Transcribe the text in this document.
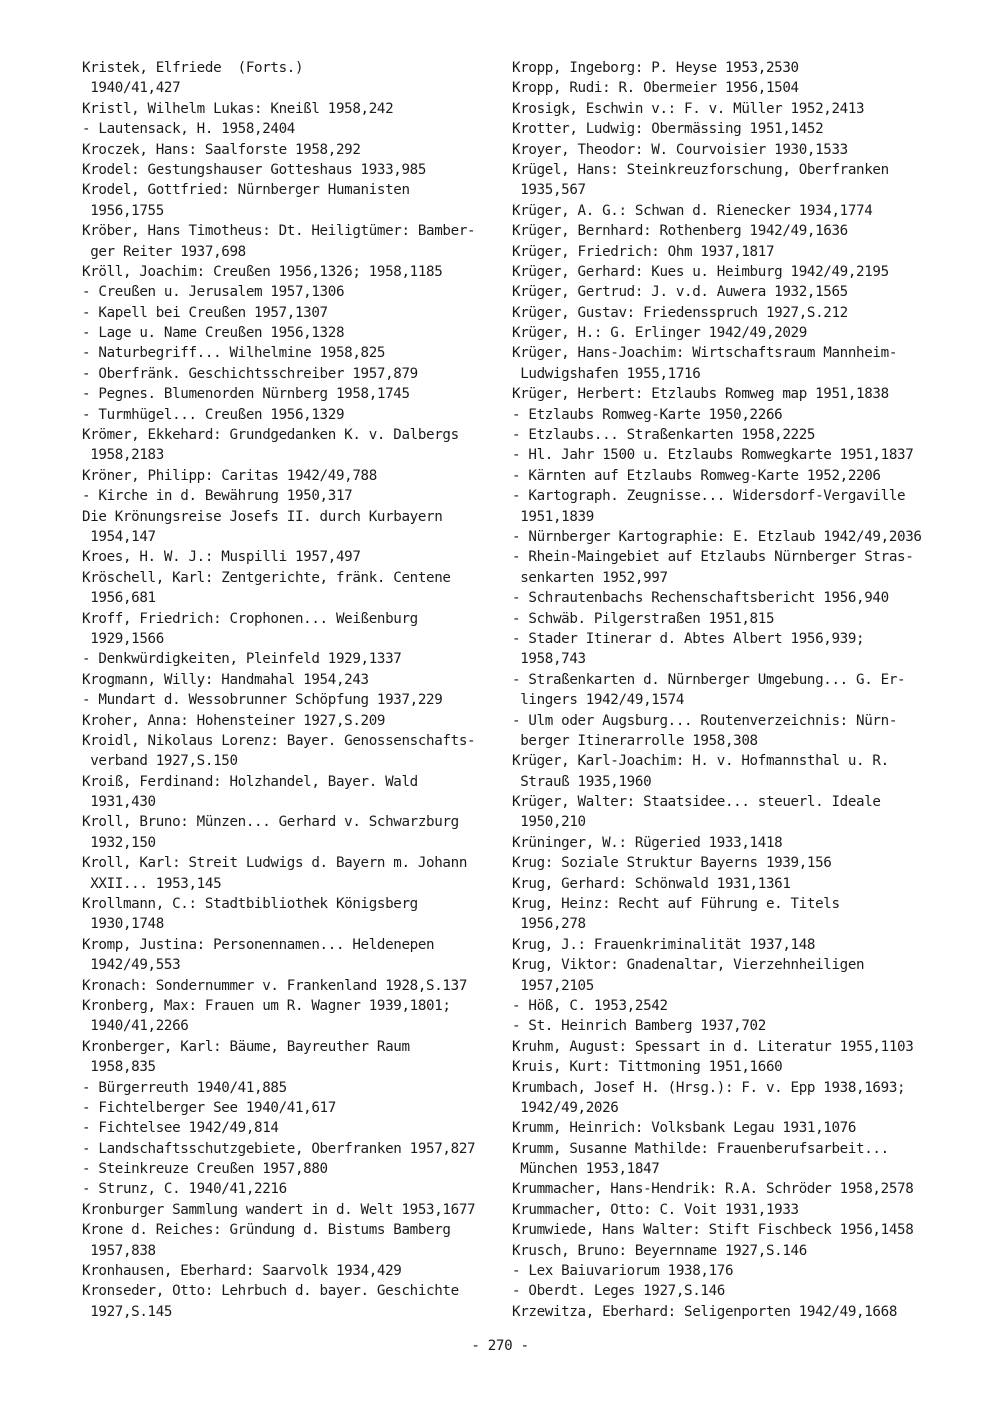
Kristek, Elfriede  (Forts.)
1940/41,427
Kristl, Wilhelm Lukas: Kneißl 1958,242
- Lautensack, H. 1958,2404
Kroczek, Hans: Saalforste 1958,292
Krodel: Gestungshauser Gotteshaus 1933,985
Krodel, Gottfried: Nürnberger Humanisten
1956,1755
Kröber, Hans Timotheus: Dt. Heiligtümer: Bamber-
ger Reiter 1937,698
Kröll, Joachim: Creußen 1956,1326; 1958,1185
- Creußen u. Jerusalem 1957,1306
- Kapell bei Creußen 1957,1307
- Lage u. Name Creußen 1956,1328
- Naturbegriff... Wilhelmine 1958,825
- Oberfränk. Geschichtsschreiber 1957,879
- Pegnes. Blumenorden Nürnberg 1958,1745
- Turmhügel... Creußen 1956,1329
Krömer, Ekkehard: Grundgedanken K. v. Dalbergs
1958,2183
Kröner, Philipp: Caritas 1942/49,788
- Kirche in d. Bewährung 1950,317
Die Krönungsreise Josefs II. durch Kurbayern
1954,147
Kroes, H. W. J.: Muspilli 1957,497
Kröschell, Karl: Zentgerichte, fränk. Centene
1956,681
Kroff, Friedrich: Crophonen... Weißenburg
1929,1566
- Denkwürdigkeiten, Pleinfeld 1929,1337
Krogmann, Willy: Handmahal 1954,243
- Mundart d. Wessobrunner Schöpfung 1937,229
Kroher, Anna: Hohensteiner 1927,S.209
Kroidl, Nikolaus Lorenz: Bayer. Genossenschafts-
verband 1927,S.150
Kroiß, Ferdinand: Holzhandel, Bayer. Wald
1931,430
Kroll, Bruno: Münzen... Gerhard v. Schwarzburg
1932,150
Kroll, Karl: Streit Ludwigs d. Bayern m. Johann
XXII... 1953,145
Krollmann, C.: Stadtbibliothek Königsberg
1930,1748
Kromp, Justina: Personennamen... Heldenepen
1942/49,553
Kronach: Sondernummer v. Frankenland 1928,S.137
Kronberg, Max: Frauen um R. Wagner 1939,1801;
1940/41,2266
Kronberger, Karl: Bäume, Bayreuther Raum
1958,835
- Bürgerreuth 1940/41,885
- Fichtelberger See 1940/41,617
- Fichtelsee 1942/49,814
- Landschaftsschutzgebiete, Oberfranken 1957,827
- Steinkreuze Creußen 1957,880
- Strunz, C. 1940/41,2216
Kronburger Sammlung wandert in d. Welt 1953,1677
Krone d. Reiches: Gründung d. Bistums Bamberg
1957,838
Kronhausen, Eberhard: Saarvolk 1934,429
Kronseder, Otto: Lehrbuch d. bayer. Geschichte
1927,S.145
Kropp, Ingeborg: P. Heyse 1953,2530
Kropp, Rudi: R. Obermeier 1956,1504
Krosigk, Eschwin v.: F. v. Müller 1952,2413
Krotter, Ludwig: Obermässing 1951,1452
Kroyer, Theodor: W. Courvoisier 1930,1533
Krügel, Hans: Steinkreuzforschung, Oberfranken
1935,567
Krüger, A. G.: Schwan d. Rienecker 1934,1774
Krüger, Bernhard: Rothenberg 1942/49,1636
Krüger, Friedrich: Ohm 1937,1817
Krüger, Gerhard: Kues u. Heimburg 1942/49,2195
Krüger, Gertrud: J. v.d. Auwera 1932,1565
Krüger, Gustav: Friedensspruch 1927,S.212
Krüger, H.: G. Erlinger 1942/49,2029
Krüger, Hans-Joachim: Wirtschaftsraum Mannheim-
Ludwigshafen 1955,1716
Krüger, Herbert: Etzlaubs Romweg map 1951,1838
- Etzlaubs Romweg-Karte 1950,2266
- Etzlaubs... Straßenkarten 1958,2225
- Hl. Jahr 1500 u. Etzlaubs Romwegkarte 1951,1837
- Kärnten auf Etzlaubs Romweg-Karte 1952,2206
- Kartograph. Zeugnisse... Widersdorf-Vergaville
1951,1839
- Nürnberger Kartographie: E. Etzlaub 1942/49,2036
- Rhein-Maingebiet auf Etzlaubs Nürnberger Stras-
senkarten 1952,997
- Schrautenbachs Rechenschaftsbericht 1956,940
- Schwäb. Pilgerstraßen 1951,815
- Stader Itinerar d. Abtes Albert 1956,939;
1958,743
- Straßenkarten d. Nürnberger Umgebung... G. Er-
lingers 1942/49,1574
- Ulm oder Augsburg... Routenverzeichnis: Nürn-
berger Itinerarrolle 1958,308
Krüger, Karl-Joachim: H. v. Hofmannsthal u. R.
Strauß 1935,1960
Krüger, Walter: Staatsidee... steuerl. Ideale
1950,210
Krüninger, W.: Rügeried 1933,1418
Krug: Soziale Struktur Bayerns 1939,156
Krug, Gerhard: Schönwald 1931,1361
Krug, Heinz: Recht auf Führung e. Titels
1956,278
Krug, J.: Frauenkriminalität 1937,148
Krug, Viktor: Gnadenaltar, Vierzehnheiligen
1957,2105
- Höß, C. 1953,2542
- St. Heinrich Bamberg 1937,702
Kruhm, August: Spessart in d. Literatur 1955,1103
Kruis, Kurt: Tittmoning 1951,1660
Krumbach, Josef H. (Hrsg.): F. v. Epp 1938,1693;
1942/49,2026
Krumm, Heinrich: Volksbank Legau 1931,1076
Krumm, Susanne Mathilde: Frauenberufsarbeit...
München 1953,1847
Krummacher, Hans-Hendrik: R.A. Schröder 1958,2578
Krummacher, Otto: C. Voit 1931,1933
Krumwiede, Hans Walter: Stift Fischbeck 1956,1458
Krusch, Bruno: Beyernname 1927,S.146
- Lex Baiuvariorum 1938,176
- Oberdt. Leges 1927,S.146
Krzewitza, Eberhard: Seligenporten 1942/49,1668
- 270 -
